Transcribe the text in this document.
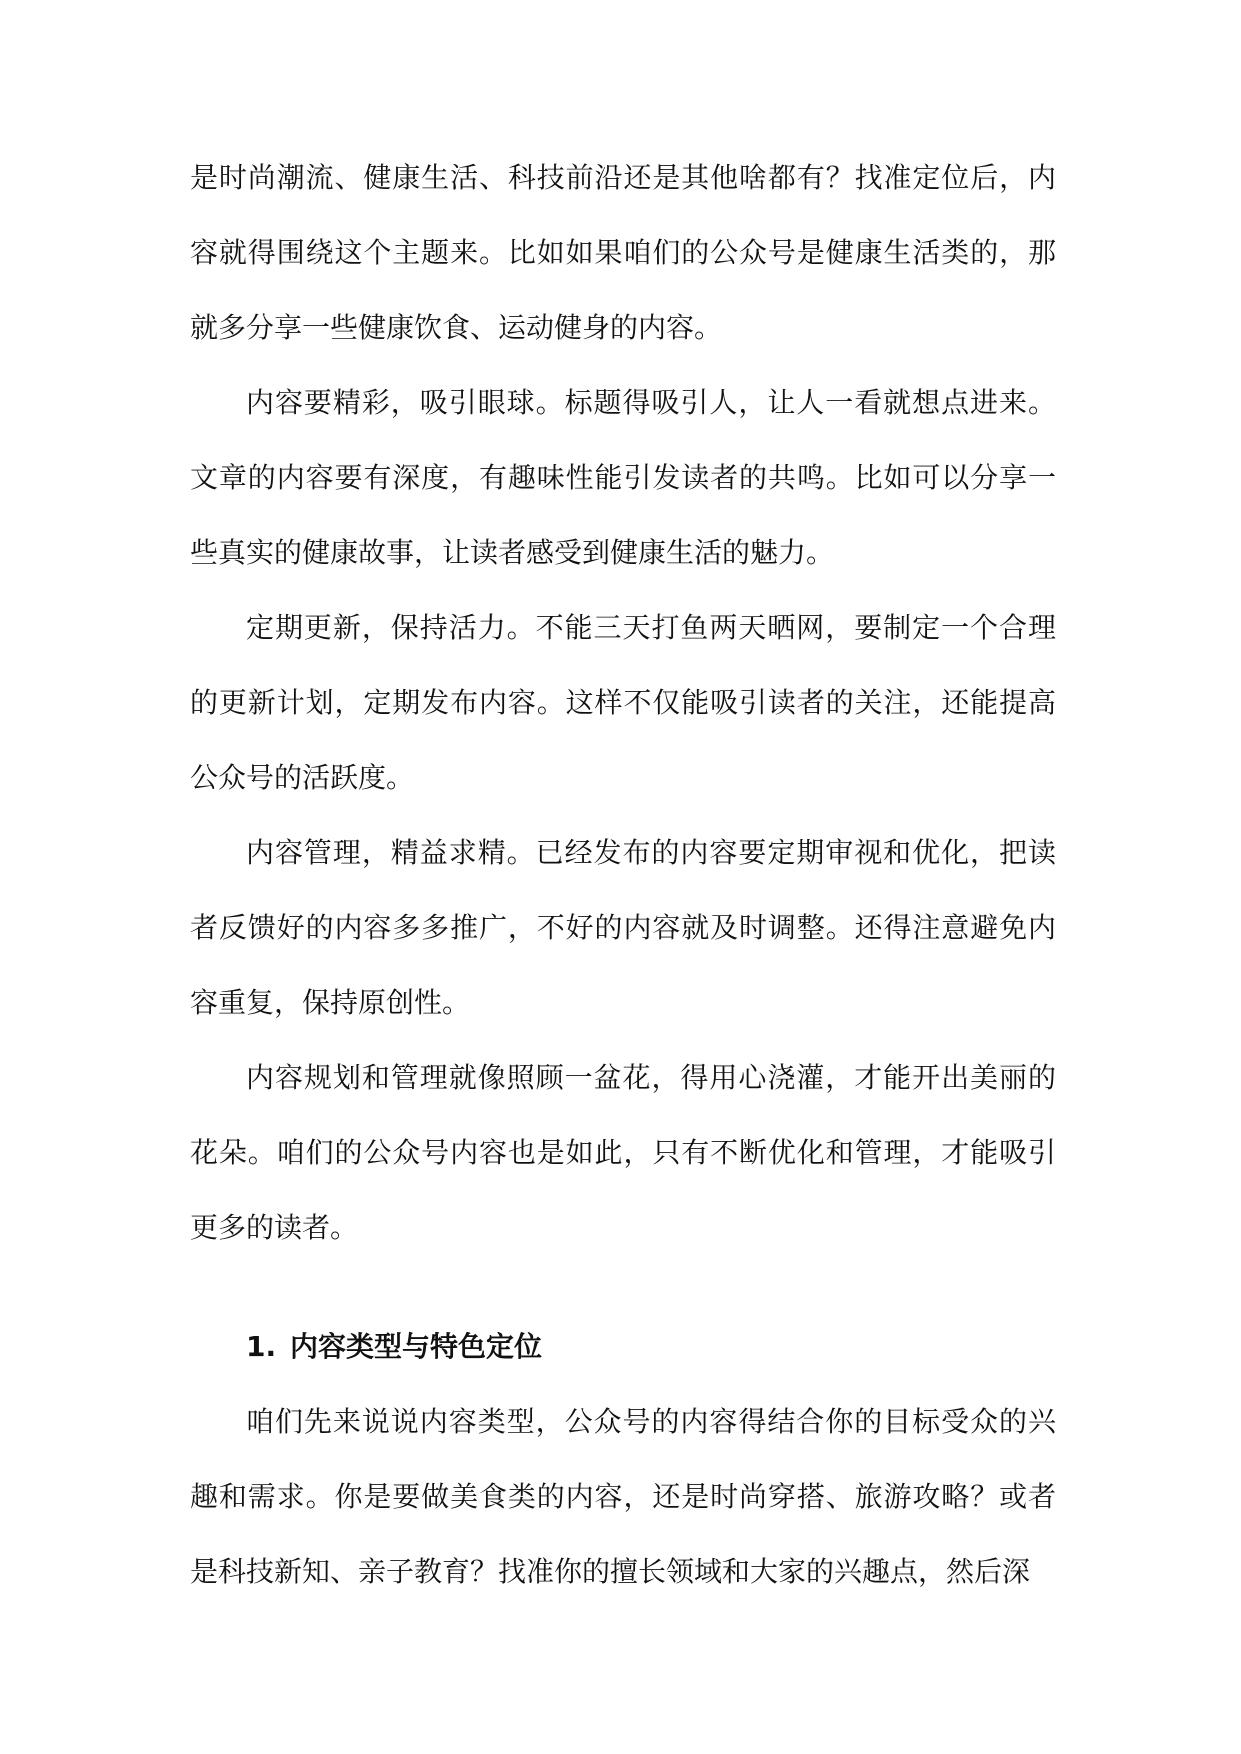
是时尚潮流、健康生活、科技前沿还是其他啥都有？找准定位后，内容就得围绕这个主题来。比如如果咱们的公众号是健康生活类的，那就多分享一些健康饮食、运动健身的内容。

内容要精彩，吸引眼球。标题得吸引人，让人一看就想点进来。文章的内容要有深度，有趣味性能引发读者的共鸣。比如可以分享一些真实的健康故事，让读者感受到健康生活的魅力。

定期更新，保持活力。不能三天打鱼两天晒网，要制定一个合理的更新计划，定期发布内容。这样不仅能吸引读者的关注，还能提高公众号的活跃度。

内容管理，精益求精。已经发布的内容要定期审视和优化，把读者反馈好的内容多多推广，不好的内容就及时调整。还得注意避免内容重复，保持原创性。

内容规划和管理就像照顾一盆花，得用心浇灌，才能开出美丽的花朵。咱们的公众号内容也是如此，只有不断优化和管理，才能吸引更多的读者。

1. 内容类型与特色定位

咱们先来说说内容类型，公众号的内容得结合你的目标受众的兴趣和需求。你是要做美食类的内容，还是时尚穿搭、旅游攻略？或者是科技新知、亲子教育？找准你的擅长领域和大家的兴趣点，然后深
